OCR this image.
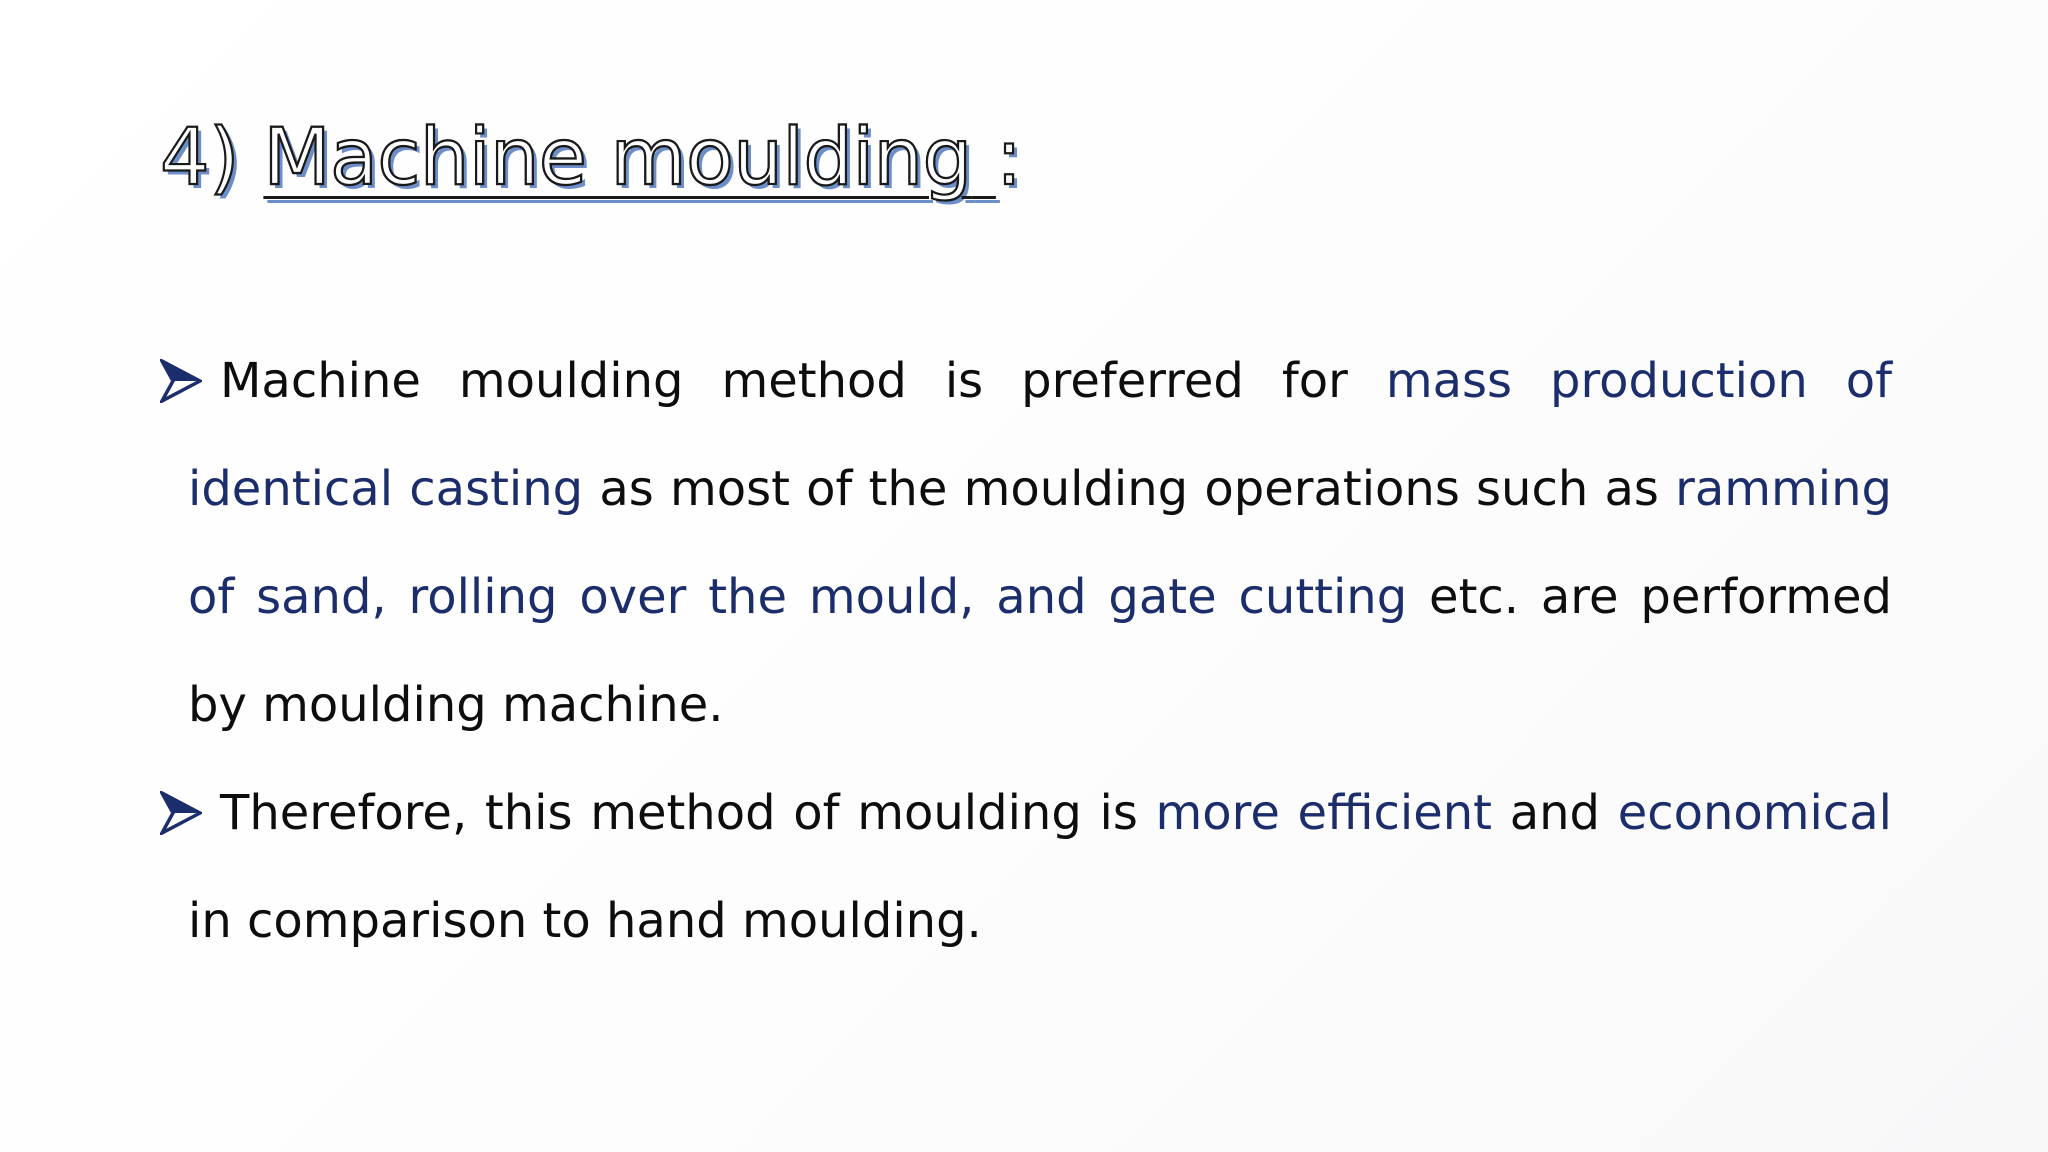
4) Machine moulding :

Machine moulding method is preferred for mass production of identical casting as most of the moulding operations such as ramming of sand, rolling over the mould, and gate cutting etc. are performed by moulding machine.

Therefore, this method of moulding is more efficient and economical in comparison to hand moulding.
